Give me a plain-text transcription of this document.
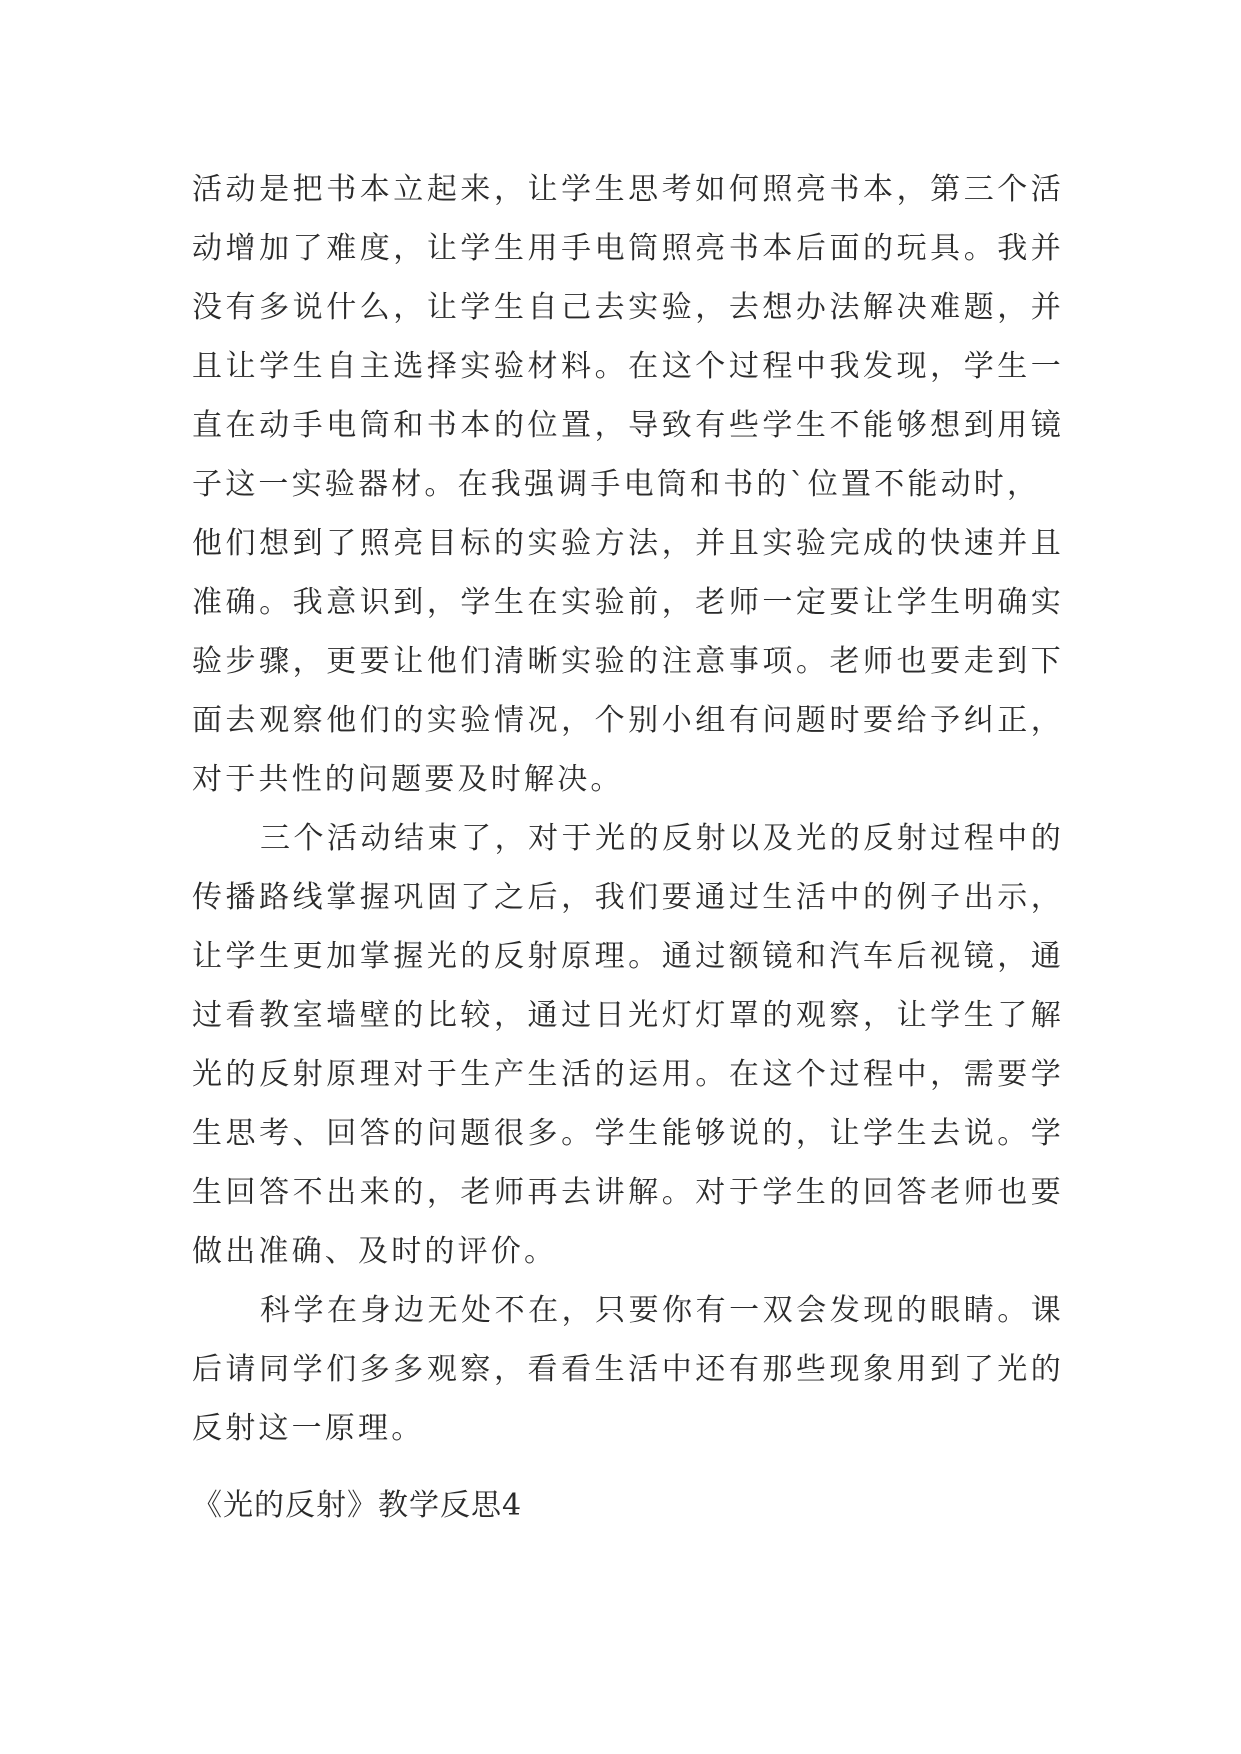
活动是把书本立起来，让学生思考如何照亮书本，第三个活
动增加了难度，让学生用手电筒照亮书本后面的玩具。我并
没有多说什么，让学生自己去实验，去想办法解决难题，并
且让学生自主选择实验材料。在这个过程中我发现，学生一
直在动手电筒和书本的位置，导致有些学生不能够想到用镜
子这一实验器材。在我强调手电筒和书的`位置不能动时，
他们想到了照亮目标的实验方法，并且实验完成的快速并且
准确。我意识到，学生在实验前，老师一定要让学生明确实
验步骤，更要让他们清晰实验的注意事项。老师也要走到下
面去观察他们的实验情况，个别小组有问题时要给予纠正，
对于共性的问题要及时解决。
三个活动结束了，对于光的反射以及光的反射过程中的
传播路线掌握巩固了之后，我们要通过生活中的例子出示，
让学生更加掌握光的反射原理。通过额镜和汽车后视镜，通
过看教室墙壁的比较，通过日光灯灯罩的观察，让学生了解
光的反射原理对于生产生活的运用。在这个过程中，需要学
生思考、回答的问题很多。学生能够说的，让学生去说。学
生回答不出来的，老师再去讲解。对于学生的回答老师也要
做出准确、及时的评价。
科学在身边无处不在，只要你有一双会发现的眼睛。课
后请同学们多多观察，看看生活中还有那些现象用到了光的
反射这一原理。
《光的反射》教学反思4
